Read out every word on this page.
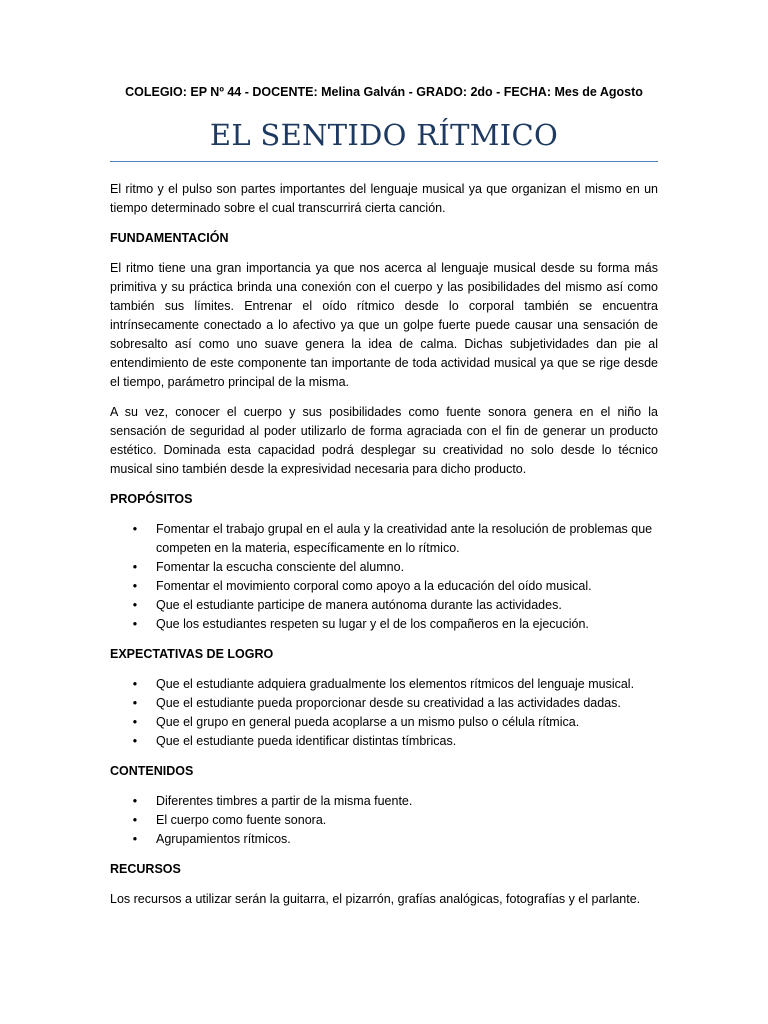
COLEGIO: EP Nº 44 - DOCENTE: Melina Galván - GRADO: 2do - FECHA: Mes de Agosto
EL SENTIDO RÍTMICO

El ritmo y el pulso son partes importantes del lenguaje musical ya que organizan el mismo en un tiempo determinado sobre el cual transcurrirá cierta canción.

FUNDAMENTACIÓN

El ritmo tiene una gran importancia ya que nos acerca al lenguaje musical desde su forma más primitiva y su práctica brinda una conexión con el cuerpo y las posibilidades del mismo así como también sus límites. Entrenar el oído rítmico desde lo corporal también se encuentra intrínsecamente conectado a lo afectivo ya que un golpe fuerte puede causar una sensación de sobresalto así como uno suave genera la idea de calma. Dichas subjetividades dan pie al entendimiento de este componente tan importante de toda actividad musical ya que se rige desde el tiempo, parámetro principal de la misma.

A su vez, conocer el cuerpo y sus posibilidades como fuente sonora genera en el niño la sensación de seguridad al poder utilizarlo de forma agraciada con el fin de generar un producto estético. Dominada esta capacidad podrá desplegar su creatividad no solo desde lo técnico musical sino también desde la expresividad necesaria para dicho producto.

PROPÓSITOS
• Fomentar el trabajo grupal en el aula y la creatividad ante la resolución de problemas que competen en la materia, específicamente en lo rítmico.
• Fomentar la escucha consciente del alumno.
• Fomentar el movimiento corporal como apoyo a la educación del oído musical.
• Que el estudiante participe de manera autónoma durante las actividades.
• Que los estudiantes respeten su lugar y el de los compañeros en la ejecución.
EXPECTATIVAS DE LOGRO
• Que el estudiante adquiera gradualmente los elementos rítmicos del lenguaje musical.
• Que el estudiante pueda proporcionar desde su creatividad a las actividades dadas.
• Que el grupo en general pueda acoplarse a un mismo pulso o célula rítmica.
• Que el estudiante pueda identificar distintas tímbricas.
CONTENIDOS
• Diferentes timbres a partir de la misma fuente.
• El cuerpo como fuente sonora.
• Agrupamientos rítmicos.
RECURSOS

Los recursos a utilizar serán la guitarra, el pizarrón, grafías analógicas, fotografías y el parlante.
